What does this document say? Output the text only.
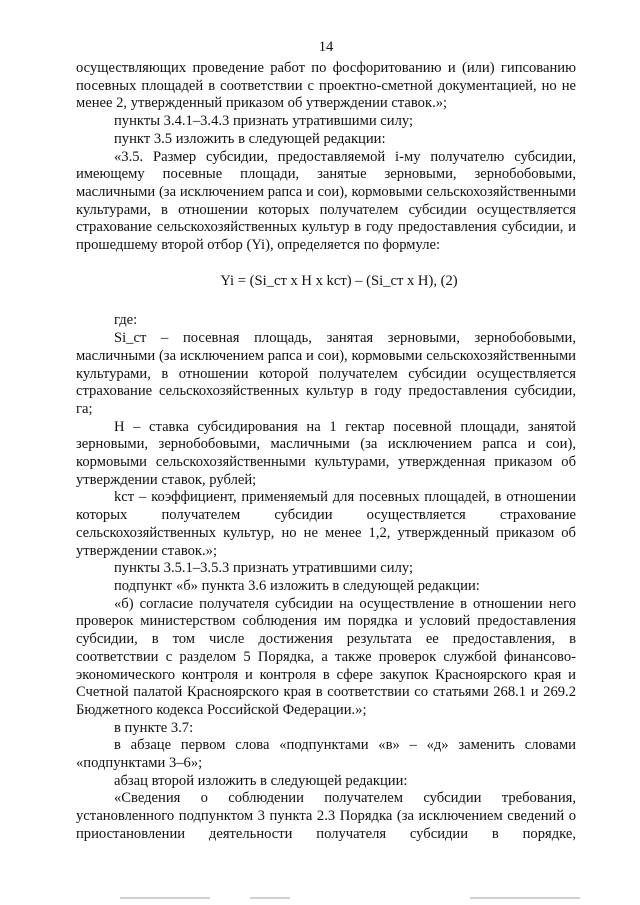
14

осуществляющих проведение работ по фосфоритованию и (или) гипсованию посевных площадей в соответствии с проектно-сметной документацией, но не менее 2, утвержденный приказом об утверждении ставок.»;

пункты 3.4.1–3.4.3 признать утратившими силу;

пункт 3.5 изложить в следующей редакции:

«3.5. Размер субсидии, предоставляемой i-му получателю субсидии, имеющему посевные площади, занятые зерновыми, зернобобовыми, масличными (за исключением рапса и сои), кормовыми сельскохозяйственными культурами, в отношении которых получателем субсидии осуществляется страхование сельскохозяйственных культур в году предоставления субсидии, и прошедшему второй отбор (Yi), определяется по формуле:

Yi = (Si_ст х Н х kст) – (Si_ст х Н), (2)

где:

Si_ст – посевная площадь, занятая зерновыми, зернобобовыми, масличными (за исключением рапса и сои), кормовыми сельскохозяйственными культурами, в отношении которой получателем субсидии осуществляется страхование сельскохозяйственных культур в году предоставления субсидии, га;

Н – ставка субсидирования на 1 гектар посевной площади, занятой зерновыми, зернобобовыми, масличными (за исключением рапса и сои), кормовыми сельскохозяйственными культурами, утвержденная приказом об утверждении ставок, рублей;

kст – коэффициент, применяемый для посевных площадей, в отношении которых получателем субсидии осуществляется страхование сельскохозяйственных культур, но не менее 1,2, утвержденный приказом об утверждении ставок.»;

пункты 3.5.1–3.5.3 признать утратившими силу;

подпункт «б» пункта 3.6 изложить в следующей редакции:

«б) согласие получателя субсидии на осуществление в отношении него проверок министерством соблюдения им порядка и условий предоставления субсидии, в том числе достижения результата ее предоставления, в соответствии с разделом 5 Порядка, а также проверок службой финансово-экономического контроля и контроля в сфере закупок Красноярского края и Счетной палатой Красноярского края в соответствии со статьями 268.1 и 269.2 Бюджетного кодекса Российской Федерации.»;

в пункте 3.7:

в абзаце первом слова «подпунктами «в» – «д» заменить словами «подпунктами 3–6»;

абзац второй изложить в следующей редакции:

«Сведения о соблюдении получателем субсидии требования, установленного подпунктом 3 пункта 2.3 Порядка (за исключением сведений о приостановлении деятельности получателя субсидии в порядке,
